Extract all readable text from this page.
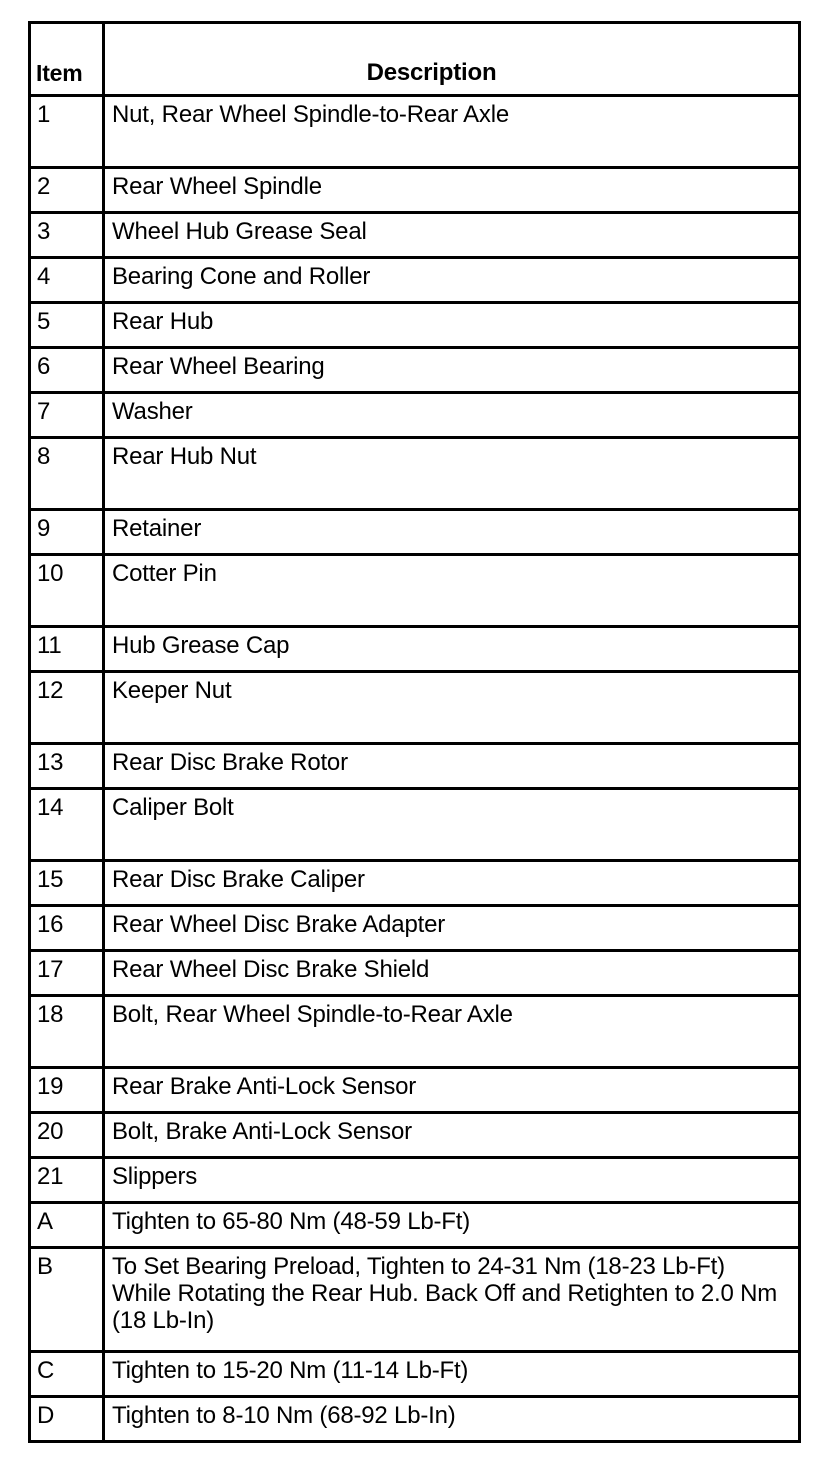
Item	Description
1	Nut, Rear Wheel Spindle-to-Rear Axle
2	Rear Wheel Spindle
3	Wheel Hub Grease Seal
4	Bearing Cone and Roller
5	Rear Hub
6	Rear Wheel Bearing
7	Washer
8	Rear Hub Nut
9	Retainer
10	Cotter Pin
11	Hub Grease Cap
12	Keeper Nut
13	Rear Disc Brake Rotor
14	Caliper Bolt
15	Rear Disc Brake Caliper
16	Rear Wheel Disc Brake Adapter
17	Rear Wheel Disc Brake Shield
18	Bolt, Rear Wheel Spindle-to-Rear Axle
19	Rear Brake Anti-Lock Sensor
20	Bolt, Brake Anti-Lock Sensor
21	Slippers
A	Tighten to 65-80 Nm (48-59 Lb-Ft)
B	To Set Bearing Preload, Tighten to 24-31 Nm (18-23 Lb-Ft) While Rotating the Rear Hub. Back Off and Retighten to 2.0 Nm (18 Lb-In)
C	Tighten to 15-20 Nm (11-14 Lb-Ft)
D	Tighten to 8-10 Nm (68-92 Lb-In)
